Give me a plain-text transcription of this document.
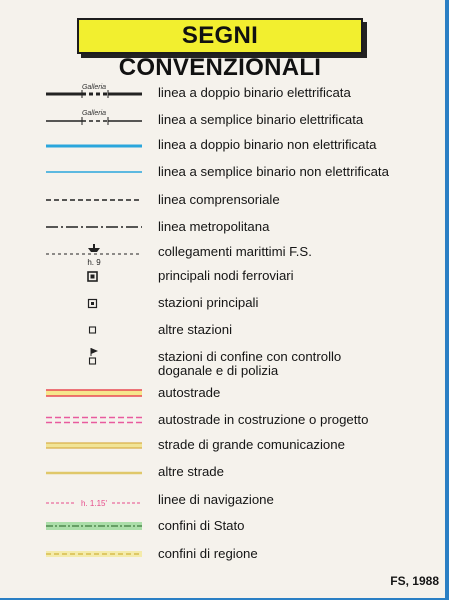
SEGNI CONVENZIONALI
Galleria	linea a doppio binario elettrificata
Galleria	linea a semplice binario elettrificata
linea a doppio binario non elettrificata
linea a semplice binario non elettrificata
linea comprensoriale
linea metropolitana
h. 9
collegamenti marittimi F.S.
principali nodi ferroviari
stazioni principali
altre stazioni
stazioni di confine con controllo
doganale e di polizia
autostrade
autostrade in costruzione o progetto
strade di grande comunicazione
altre strade
h. 1.15'	linee di navigazione
confini di Stato
confini di regione
FS, 1988
